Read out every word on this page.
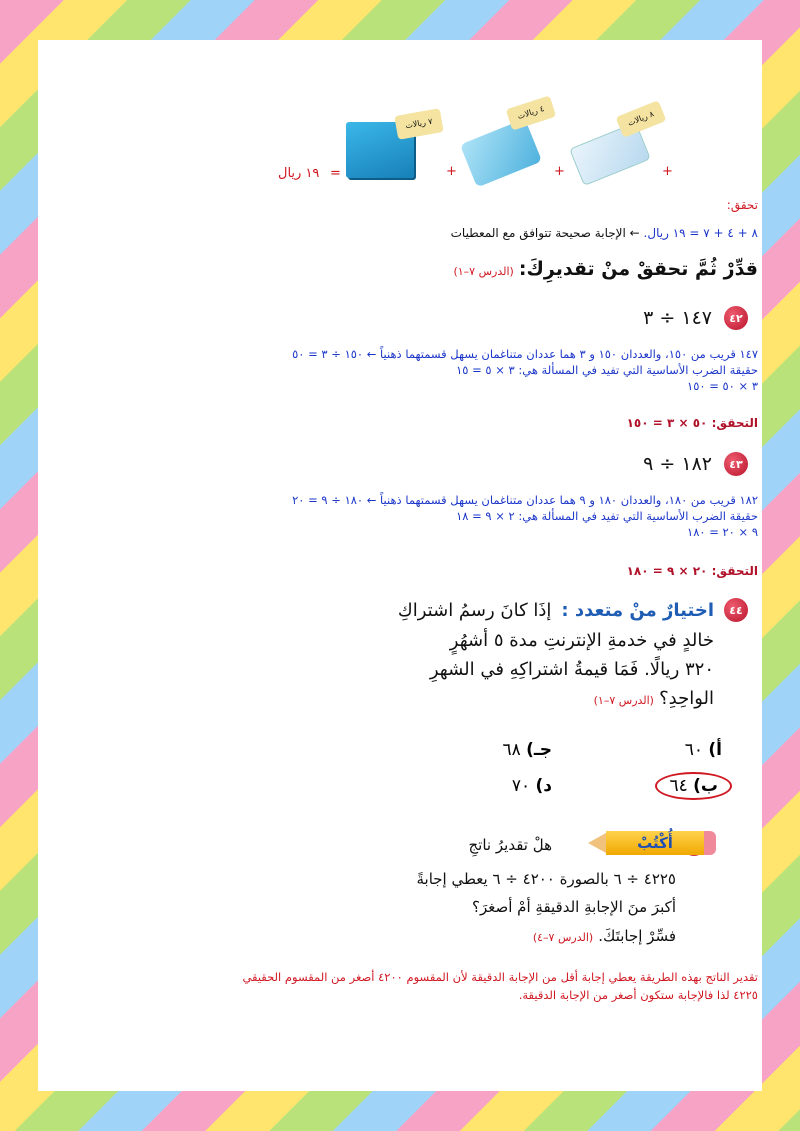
١٩ ريال =
٧ ريالات
+
٤ ريالات
+
٨ ريالات
+
تحقق:
٨ + ٤ + ٧ = ١٩ ريال. ← الإجابة صحيحة تتوافق مع المعطيات
قدِّرْ ثُمَّ تحققْ منْ تقديرِكَ: (الدرس ٧–١)
٤٢
١٤٧ ÷ ٣
١٤٧ قريب من ١٥٠، والعددان ١٥٠ و ٣ هما عددان متناغمان يسهل قسمتهما ذهنياً ← ١٥٠ ÷ ٣ = ٥٠
حقيقة الضرب الأساسية التي تفيد في المسألة هي: ٣ × ٥ = ١٥
٣ × ٥٠ = ١٥٠
التحقق: ٥٠ × ٣ = ١٥٠
٤٣
١٨٢ ÷ ٩
١٨٢ قريب من ١٨٠، والعددان ١٨٠ و ٩ هما عددان متناغمان يسهل قسمتهما ذهنياً ← ١٨٠ ÷ ٩ = ٢٠
حقيقة الضرب الأساسية التي تفيد في المسألة هي: ٢ × ٩ = ١٨
٩ × ٢٠ = ١٨٠
التحقق: ٢٠ × ٩ = ١٨٠
٤٤
اختيارٌ منْ متعدد :
إذَا كانَ رسمُ اشتراكِ
خالدٍ في خدمةِ الإنترنتِ مدة ٥ أشهُرٍ
٣٢٠ ريالًا. فَمَا قيمةُ اشتراكِهِ في الشهرِ
الواحِدِ؟ (الدرس ٧–١)
أ) ٦٠
جـ) ٦٨
ب) ٦٤
د) ٧٠
أُكْتُبْ
هلْ تقديرُ ناتجِ
٤٢٢٥ ÷ ٦ بالصورة ٤٢٠٠ ÷ ٦ يعطي إجابةً
أكبرَ منَ الإجابةِ الدقيقةِ أمْ أصغرَ؟
فسِّرْ إجابتَكَ. (الدرس ٧–٤)
تقدير الناتج بهذه الطريقة يعطي إجابة أقل من الإجابة الدقيقة لأن المقسوم ٤٢٠٠ أصغر من المقسوم الحقيقي
٤٢٢٥ لذا فالإجابة ستكون أصغر من الإجابة الدقيقة.
